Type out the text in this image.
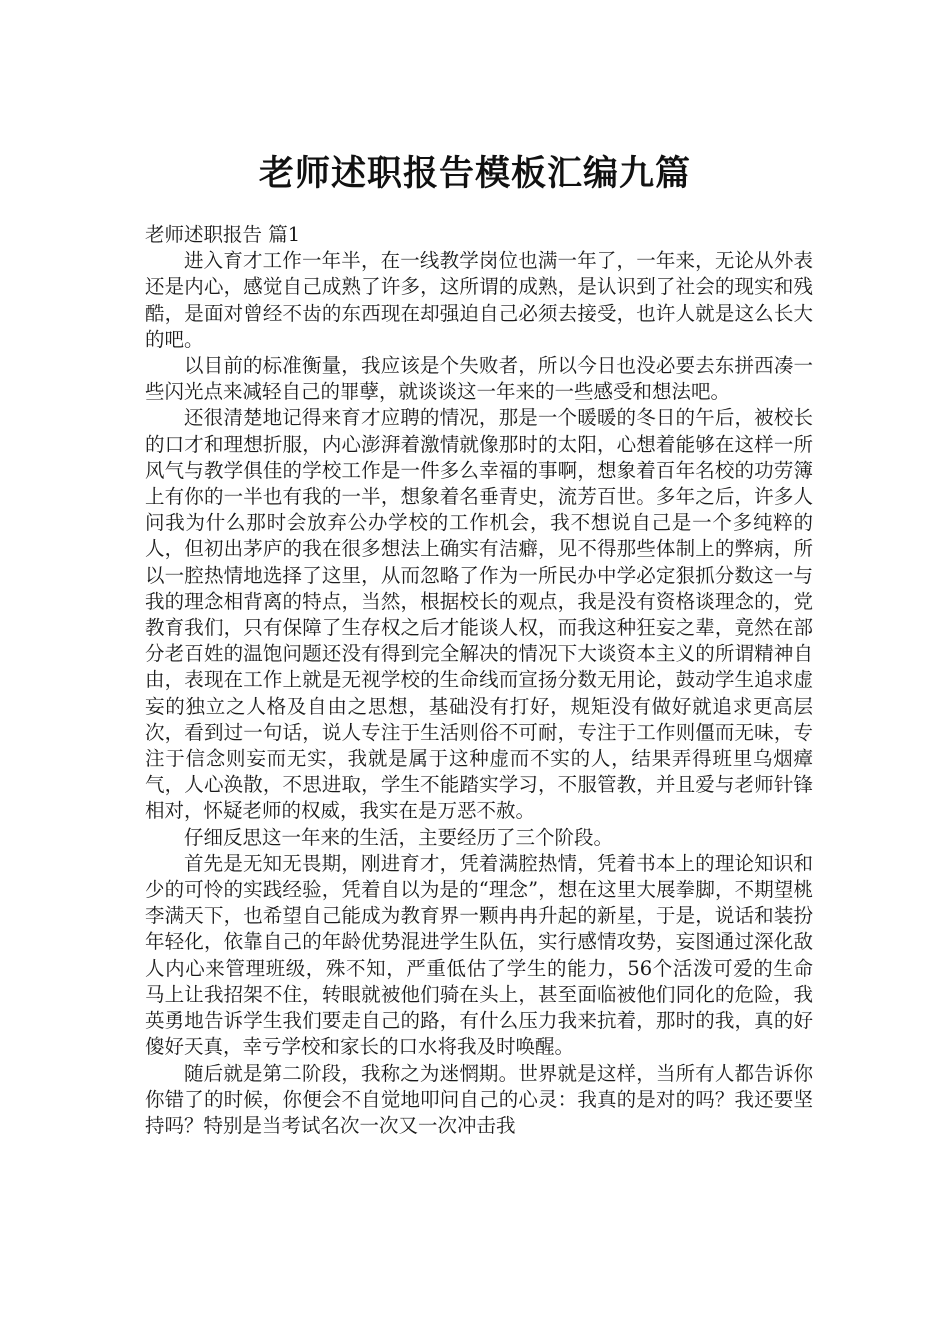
老师述职报告模板汇编九篇

老师述职报告 篇1

进入育才工作一年半，在一线教学岗位也满一年了，一年来，无论从外表还是内心，感觉自己成熟了许多，这所谓的成熟，是认识到了社会的现实和残酷，是面对曾经不齿的东西现在却强迫自己必须去接受，也许人就是这么长大的吧。

以目前的标准衡量，我应该是个失败者，所以今日也没必要去东拼西凑一些闪光点来减轻自己的罪孽，就谈谈这一年来的一些感受和想法吧。

还很清楚地记得来育才应聘的情况，那是一个暖暖的冬日的午后，被校长的口才和理想折服，内心澎湃着激情就像那时的太阳，心想着能够在这样一所风气与教学俱佳的学校工作是一件多么幸福的事啊，想象着百年名校的功劳簿上有你的一半也有我的一半，想象着名垂青史，流芳百世。多年之后，许多人问我为什么那时会放弃公办学校的工作机会，我不想说自己是一个多纯粹的人，但初出茅庐的我在很多想法上确实有洁癖，见不得那些体制上的弊病，所以一腔热情地选择了这里，从而忽略了作为一所民办中学必定狠抓分数这一与我的理念相背离的特点，当然，根据校长的观点，我是没有资格谈理念的，党教育我们，只有保障了生存权之后才能谈人权，而我这种狂妄之辈，竟然在部分老百姓的温饱问题还没有得到完全解决的情况下大谈资本主义的所谓精神自由，表现在工作上就是无视学校的生命线而宣扬分数无用论，鼓动学生追求虚妄的独立之人格及自由之思想，基础没有打好，规矩没有做好就追求更高层次，看到过一句话，说人专注于生活则俗不可耐，专注于工作则僵而无味，专注于信念则妄而无实，我就是属于这种虚而不实的人，结果弄得班里乌烟瘴气，人心涣散，不思进取，学生不能踏实学习，不服管教，并且爱与老师针锋相对，怀疑老师的权威，我实在是万恶不赦。

仔细反思这一年来的生活，主要经历了三个阶段。

首先是无知无畏期，刚进育才，凭着满腔热情，凭着书本上的理论知识和少的可怜的实践经验，凭着自以为是的“理念”，想在这里大展拳脚，不期望桃李满天下，也希望自己能成为教育界一颗冉冉升起的新星，于是，说话和装扮年轻化，依靠自己的年龄优势混进学生队伍，实行感情攻势，妄图通过深化敌人内心来管理班级，殊不知，严重低估了学生的能力，56个活泼可爱的生命马上让我招架不住，转眼就被他们骑在头上，甚至面临被他们同化的危险，我英勇地告诉学生我们要走自己的路，有什么压力我来抗着，那时的我，真的好傻好天真，幸亏学校和家长的口水将我及时唤醒。

随后就是第二阶段，我称之为迷惘期。世界就是这样，当所有人都告诉你你错了的时候，你便会不自觉地叩问自己的心灵：我真的是对的吗？我还要坚持吗？特别是当考试名次一次又一次冲击我
